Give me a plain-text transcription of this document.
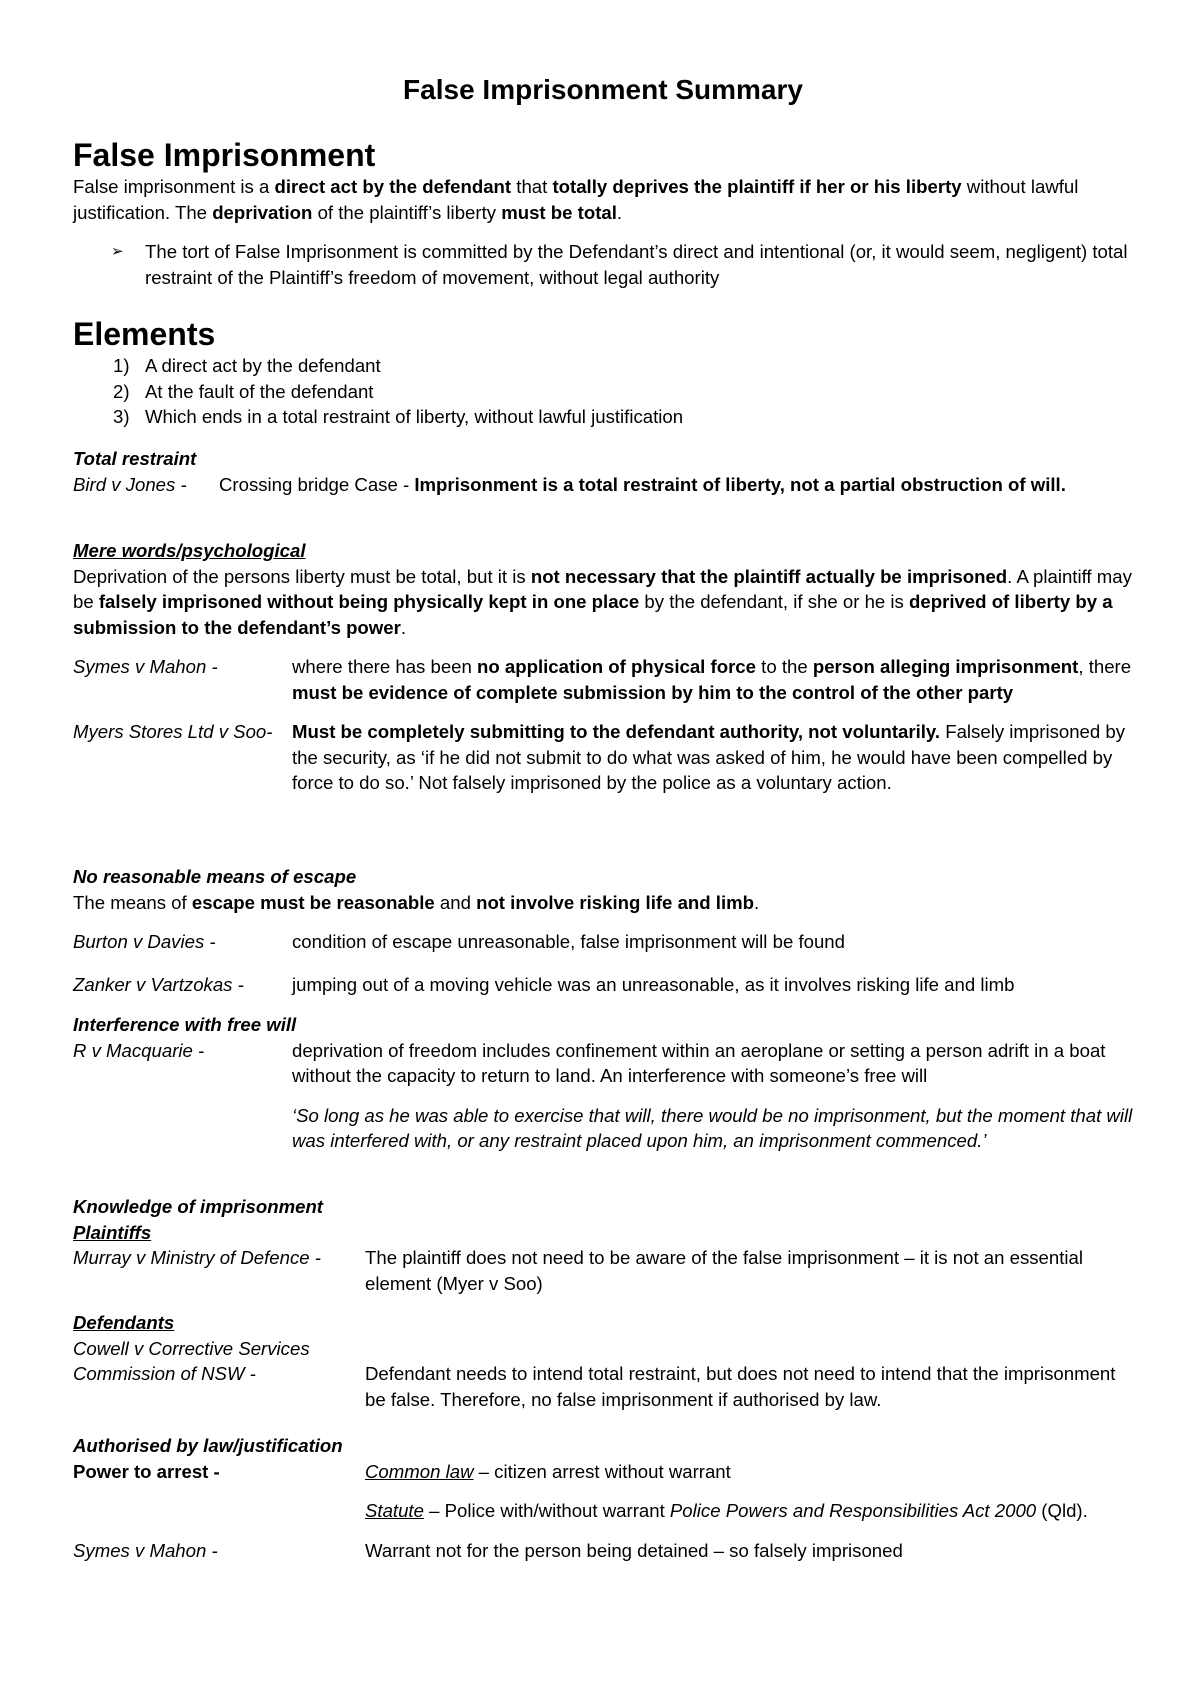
False Imprisonment Summary

False Imprisonment

False imprisonment is a direct act by the defendant that totally deprives the plaintiff if her or his liberty without lawful justification. The deprivation of the plaintiff’s liberty must be total.

➢ The tort of False Imprisonment is committed by the Defendant’s direct and intentional (or, it would seem, negligent) total restraint of the Plaintiff’s freedom of movement, without legal authority

Elements

1) A direct act by the defendant
2) At the fault of the defendant
3) Which ends in a total restraint of liberty, without lawful justification

Total restraint

Bird v Jones - Crossing bridge Case - Imprisonment is a total restraint of liberty, not a partial obstruction of will.

Mere words/psychological

Deprivation of the persons liberty must be total, but it is not necessary that the plaintiff actually be imprisoned. A plaintiff may be falsely imprisoned without being physically kept in one place by the defendant, if she or he is deprived of liberty by a submission to the defendant’s power.

Symes v Mahon -	where there has been no application of physical force to the person alleging imprisonment, there must be evidence of complete submission by him to the control of the other party
Myers Stores Ltd v Soo- Must be completely submitting to the defendant authority, not voluntarily. Falsely imprisoned by the security, as ‘if he did not submit to do what was asked of him, he would have been compelled by force to do so.’ Not falsely imprisoned by the police as a voluntary action.

No reasonable means of escape

The means of escape must be reasonable and not involve risking life and limb.

Burton v Davies -	condition of escape unreasonable, false imprisonment will be found
Zanker v Vartzokas -	jumping out of a moving vehicle was an unreasonable, as it involves risking life and limb

Interference with free will

R v Macquarie -	deprivation of freedom includes confinement within an aeroplane or setting a person adrift in a boat without the capacity to return to land. An interference with someone’s free will

‘So long as he was able to exercise that will, there would be no imprisonment, but the moment that will was interfered with, or any restraint placed upon him, an imprisonment commenced.’

Knowledge of imprisonment

Plaintiffs

Murray v Ministry of Defence - The plaintiff does not need to be aware of the false imprisonment – it is not an essential element (Myer v Soo)

Defendants

Cowell v Corrective Services

Commission of NSW -	Defendant needs to intend total restraint, but does not need to intend that the imprisonment be false. Therefore, no false imprisonment if authorised by law.

Authorised by law/justification

Power to arrest -	Common law – citizen arrest without warrant

Statute – Police with/without warrant Police Powers and Responsibilities Act 2000 (Qld).

Symes v Mahon -	Warrant not for the person being detained – so falsely imprisoned
